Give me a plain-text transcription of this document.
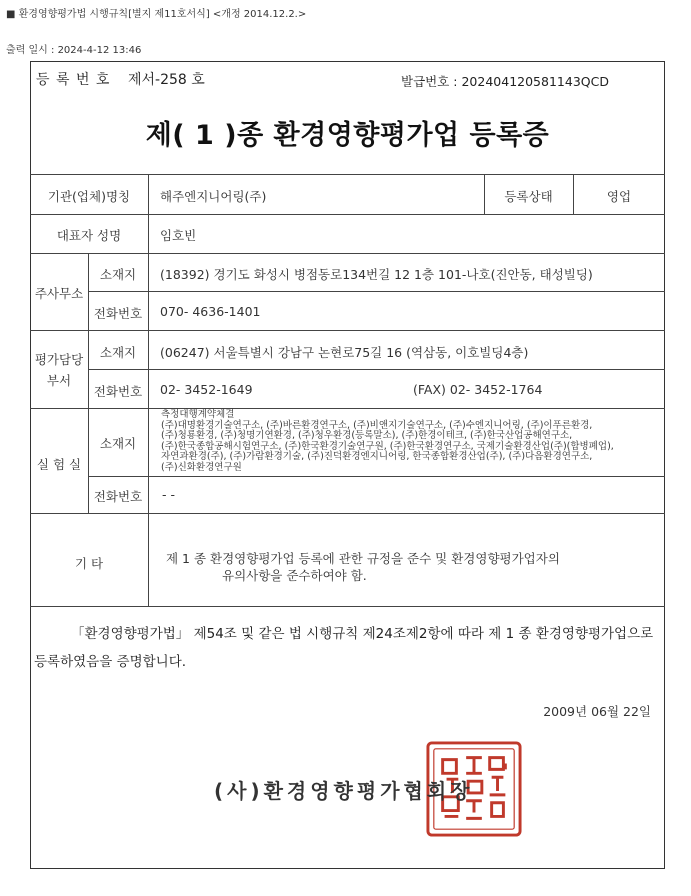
■ 환경영향평가법 시행규칙[별지 제11호서식] <개정 2014.12.2.>
출력 일시 : 2024-4-12 13:46
등 록 번 호 제서-258 호	발급번호 : 202404120581143QCD
제( 1 )종 환경영향평가업 등록증
기관(업체)명칭	해주엔지니어링(주)	등록상태	영업
대표자 성명	임호빈
주사무소
소재지	(18392) 경기도 화성시 병점동로134번길 12 1층 101-나호(진안동, 태성빌딩)
전화번호	070- 4636-1401
평가담당
부서
소재지	(06247) 서울특별시 강남구 논현로75길 16 (역삼동, 이호빌딩4층)
전화번호	02- 3452-1649	(FAX) 02- 3452-1764
실 험 실
소재지
측정대행계약체결
(주)대명환경기술연구소, (주)바른환경연구소, (주)비앤지기술연구소, (주)수엔지니어링, (주)이푸른환경,
(주)청룡환경, (주)청명기연환경, (주)청우환경(등록말소), (주)한경이테크, (주)한국산업공해연구소,
(주)한국종합공해시험연구소, (주)한국환경기술연구원, (주)한국환경연구소, 국제기술환경산업(주)(합병폐업),
자연과환경(주), (주)가람환경기술, (주)진덕환경엔지니어링, 한국종합환경산업(주), (주)다음환경연구소,
(주)신화환경연구원
전화번호	- -
기 타	제 1 종 환경영향평가업 등록에 관한 규정을 준수 및 환경영향평가업자의
유의사항을 준수하여야 함.
「환경영향평가법」 제54조 및 같은 법 시행규칙 제24조제2항에 따라 제 1 종 환경영향평가업으로
등록하였음을 증명합니다.
2009년 06월 22일
(사)환경영향평가협회장
